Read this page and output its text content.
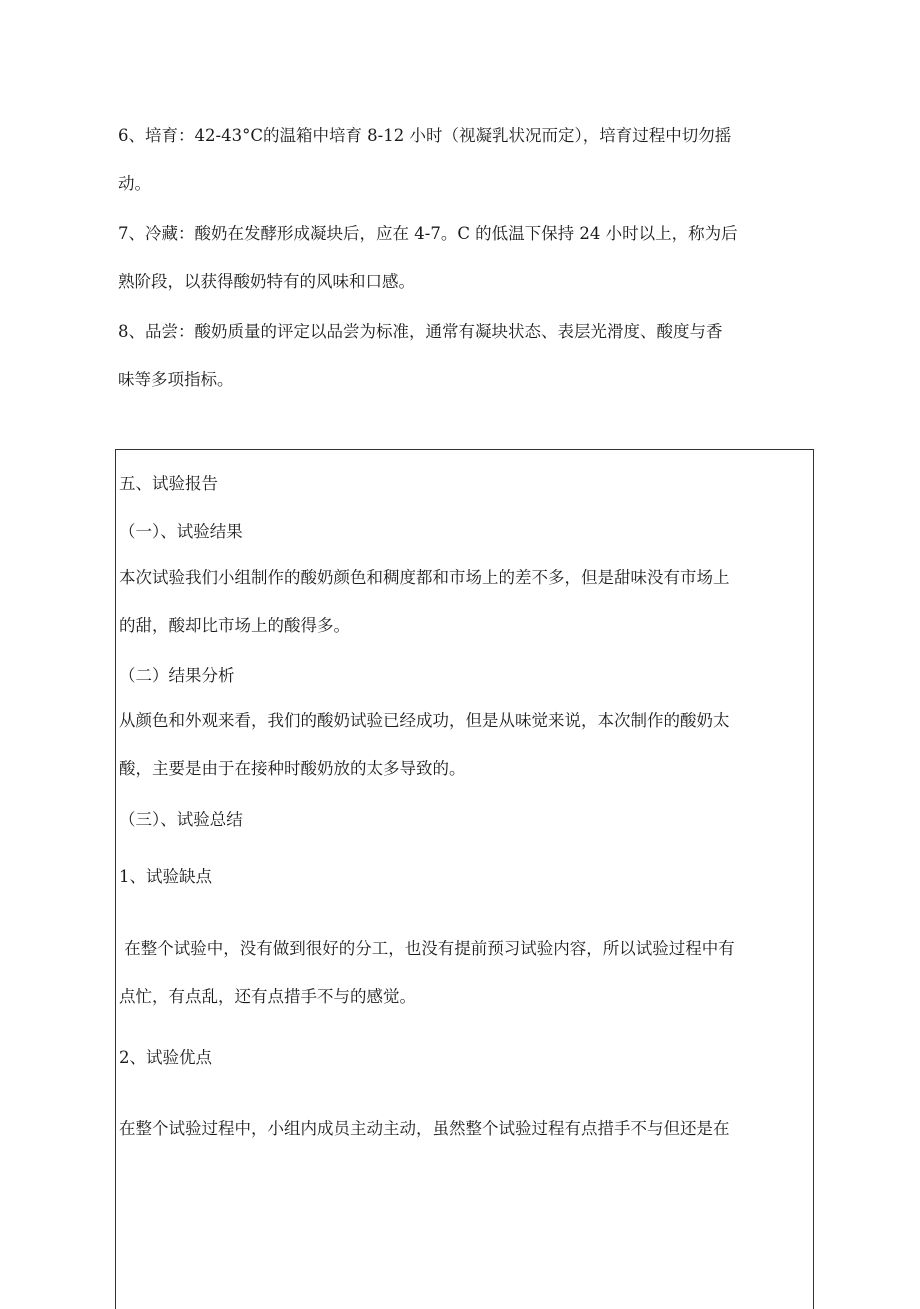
6、培育：42-43°C的温箱中培育 8-12 小时（视凝乳状况而定），培育过程中切勿摇
动。

7、冷藏：酸奶在发酵形成凝块后，应在 4-7。C 的低温下保持 24 小时以上，称为后
熟阶段，以获得酸奶特有的风味和口感。

8、品尝：酸奶质量的评定以品尝为标准，通常有凝块状态、表层光滑度、酸度与香
味等多项指标。

五、试验报告

（一）、试验结果

本次试验我们小组制作的酸奶颜色和稠度都和市场上的差不多，但是甜味没有市场上
的甜，酸却比市场上的酸得多。

（二）结果分析

从颜色和外观来看，我们的酸奶试验已经成功，但是从味觉来说，本次制作的酸奶太
酸，主要是由于在接种时酸奶放的太多导致的。

（三）、试验总结

1、试验缺点

在整个试验中，没有做到很好的分工，也没有提前预习试验内容，所以试验过程中有
点忙，有点乱，还有点措手不与的感觉。

2、试验优点

在整个试验过程中，小组内成员主动主动，虽然整个试验过程有点措手不与但还是在
